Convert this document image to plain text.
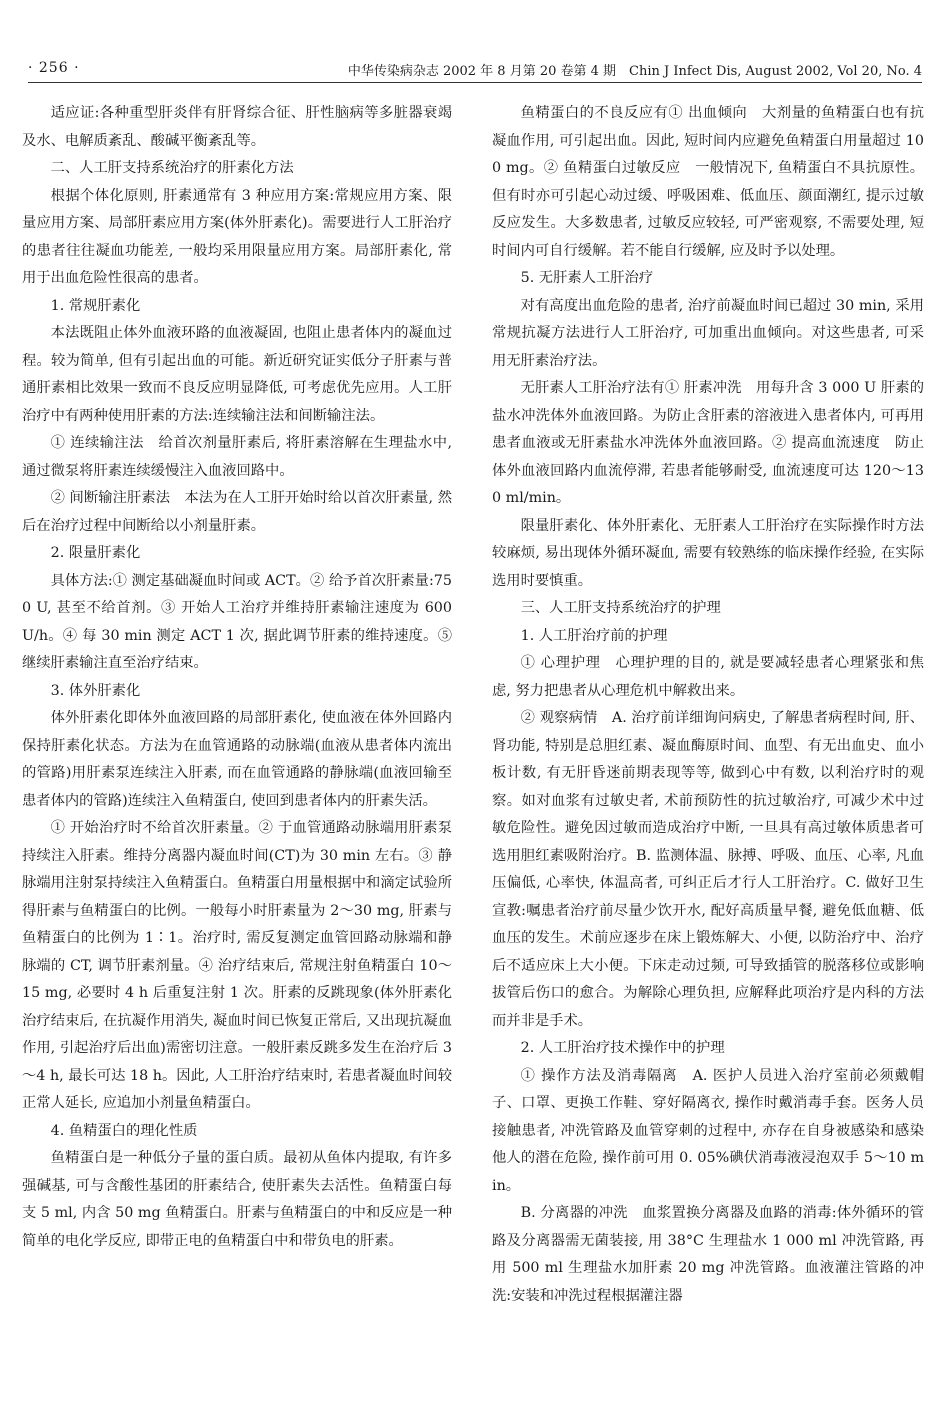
· 256 ·	中华传染病杂志 2002 年 8 月第 20 卷第 4 期　Chin J Infect Dis, August 2002, Vol 20, No. 4

适应证:各种重型肝炎伴有肝肾综合征、肝性脑病等多脏器衰竭及水、电解质紊乱、酸碱平衡紊乱等。

二、人工肝支持系统治疗的肝素化方法

根据个体化原则, 肝素通常有 3 种应用方案:常规应用方案、限量应用方案、局部肝素应用方案(体外肝素化)。需要进行人工肝治疗的患者往往凝血功能差, 一般均采用限量应用方案。局部肝素化, 常用于出血危险性很高的患者。

1. 常规肝素化

本法既阻止体外血液环路的血液凝固, 也阻止患者体内的凝血过程。较为简单, 但有引起出血的可能。新近研究证实低分子肝素与普通肝素相比效果一致而不良反应明显降低, 可考虑优先应用。人工肝治疗中有两种使用肝素的方法:连续输注法和间断输注法。

① 连续输注法　给首次剂量肝素后, 将肝素溶解在生理盐水中, 通过微泵将肝素连续缓慢注入血液回路中。

② 间断输注肝素法　本法为在人工肝开始时给以首次肝素量, 然后在治疗过程中间断给以小剂量肝素。

2. 限量肝素化

具体方法:① 测定基础凝血时间或 ACT。② 给予首次肝素量:750 U, 甚至不给首剂。③ 开始人工治疗并维持肝素输注速度为 600 U/h。④ 每 30 min 测定 ACT 1 次, 据此调节肝素的维持速度。⑤ 继续肝素输注直至治疗结束。

3. 体外肝素化

体外肝素化即体外血液回路的局部肝素化, 使血液在体外回路内保持肝素化状态。方法为在血管通路的动脉端(血液从患者体内流出的管路)用肝素泵连续注入肝素, 而在血管通路的静脉端(血液回输至患者体内的管路)连续注入鱼精蛋白, 使回到患者体内的肝素失活。

① 开始治疗时不给首次肝素量。② 于血管通路动脉端用肝素泵持续注入肝素。维持分离器内凝血时间(CT)为 30 min 左右。③ 静脉端用注射泵持续注入鱼精蛋白。鱼精蛋白用量根据中和滴定试验所得肝素与鱼精蛋白的比例。一般每小时肝素量为 2～30 mg, 肝素与鱼精蛋白的比例为 1∶1。治疗时, 需反复测定血管回路动脉端和静脉端的 CT, 调节肝素剂量。④ 治疗结束后, 常规注射鱼精蛋白 10～15 mg, 必要时 4 h 后重复注射 1 次。肝素的反跳现象(体外肝素化治疗结束后, 在抗凝作用消失, 凝血时间已恢复正常后, 又出现抗凝血作用, 引起治疗后出血)需密切注意。一般肝素反跳多发生在治疗后 3～4 h, 最长可达 18 h。因此, 人工肝治疗结束时, 若患者凝血时间较正常人延长, 应追加小剂量鱼精蛋白。

4. 鱼精蛋白的理化性质

鱼精蛋白是一种低分子量的蛋白质。最初从鱼体内提取, 有许多强碱基, 可与含酸性基团的肝素结合, 使肝素失去活性。鱼精蛋白每支 5 ml, 内含 50 mg 鱼精蛋白。肝素与鱼精蛋白的中和反应是一种简单的电化学反应, 即带正电的鱼精蛋白中和带负电的肝素。

鱼精蛋白的不良反应有① 出血倾向　大剂量的鱼精蛋白也有抗凝血作用, 可引起出血。因此, 短时间内应避免鱼精蛋白用量超过 100 mg。② 鱼精蛋白过敏反应　一般情况下, 鱼精蛋白不具抗原性。但有时亦可引起心动过缓、呼吸困难、低血压、颜面潮红, 提示过敏反应发生。大多数患者, 过敏反应较轻, 可严密观察, 不需要处理, 短时间内可自行缓解。若不能自行缓解, 应及时予以处理。

5. 无肝素人工肝治疗

对有高度出血危险的患者, 治疗前凝血时间已超过 30 min, 采用常规抗凝方法进行人工肝治疗, 可加重出血倾向。对这些患者, 可采用无肝素治疗法。

无肝素人工肝治疗法有① 肝素冲洗　用每升含 3 000 U 肝素的盐水冲洗体外血液回路。为防止含肝素的溶液进入患者体内, 可再用患者血液或无肝素盐水冲洗体外血液回路。② 提高血流速度　防止体外血液回路内血流停滞, 若患者能够耐受, 血流速度可达 120～130 ml/min。

限量肝素化、体外肝素化、无肝素人工肝治疗在实际操作时方法较麻烦, 易出现体外循环凝血, 需要有较熟练的临床操作经验, 在实际选用时要慎重。

三、人工肝支持系统治疗的护理

1. 人工肝治疗前的护理

① 心理护理　心理护理的目的, 就是要减轻患者心理紧张和焦虑, 努力把患者从心理危机中解救出来。

② 观察病情　A. 治疗前详细询问病史, 了解患者病程时间, 肝、肾功能, 特别是总胆红素、凝血酶原时间、血型、有无出血史、血小板计数, 有无肝昏迷前期表现等等, 做到心中有数, 以利治疗时的观察。如对血浆有过敏史者, 术前预防性的抗过敏治疗, 可减少术中过敏危险性。避免因过敏而造成治疗中断, 一旦具有高过敏体质患者可选用胆红素吸附治疗。B. 监测体温、脉搏、呼吸、血压、心率, 凡血压偏低, 心率快, 体温高者, 可纠正后才行人工肝治疗。C. 做好卫生宣教:嘱患者治疗前尽量少饮开水, 配好高质量早餐, 避免低血糖、低血压的发生。术前应逐步在床上锻炼解大、小便, 以防治疗中、治疗后不适应床上大小便。下床走动过频, 可导致插管的脱落移位或影响拔管后伤口的愈合。为解除心理负担, 应解释此项治疗是内科的方法而并非是手术。

2. 人工肝治疗技术操作中的护理

① 操作方法及消毒隔离　A. 医护人员进入治疗室前必须戴帽子、口罩、更换工作鞋、穿好隔离衣, 操作时戴消毒手套。医务人员接触患者, 冲洗管路及血管穿刺的过程中, 亦存在自身被感染和感染他人的潜在危险, 操作前可用 0. 05%碘伏消毒液浸泡双手 5～10 min。

B. 分离器的冲洗　血浆置换分离器及血路的消毒:体外循环的管路及分离器需无菌装接, 用 38°C 生理盐水 1 000 ml 冲洗管路, 再用 500 ml 生理盐水加肝素 20 mg 冲洗管路。血液灌注管路的冲洗:安装和冲洗过程根据灌注器
